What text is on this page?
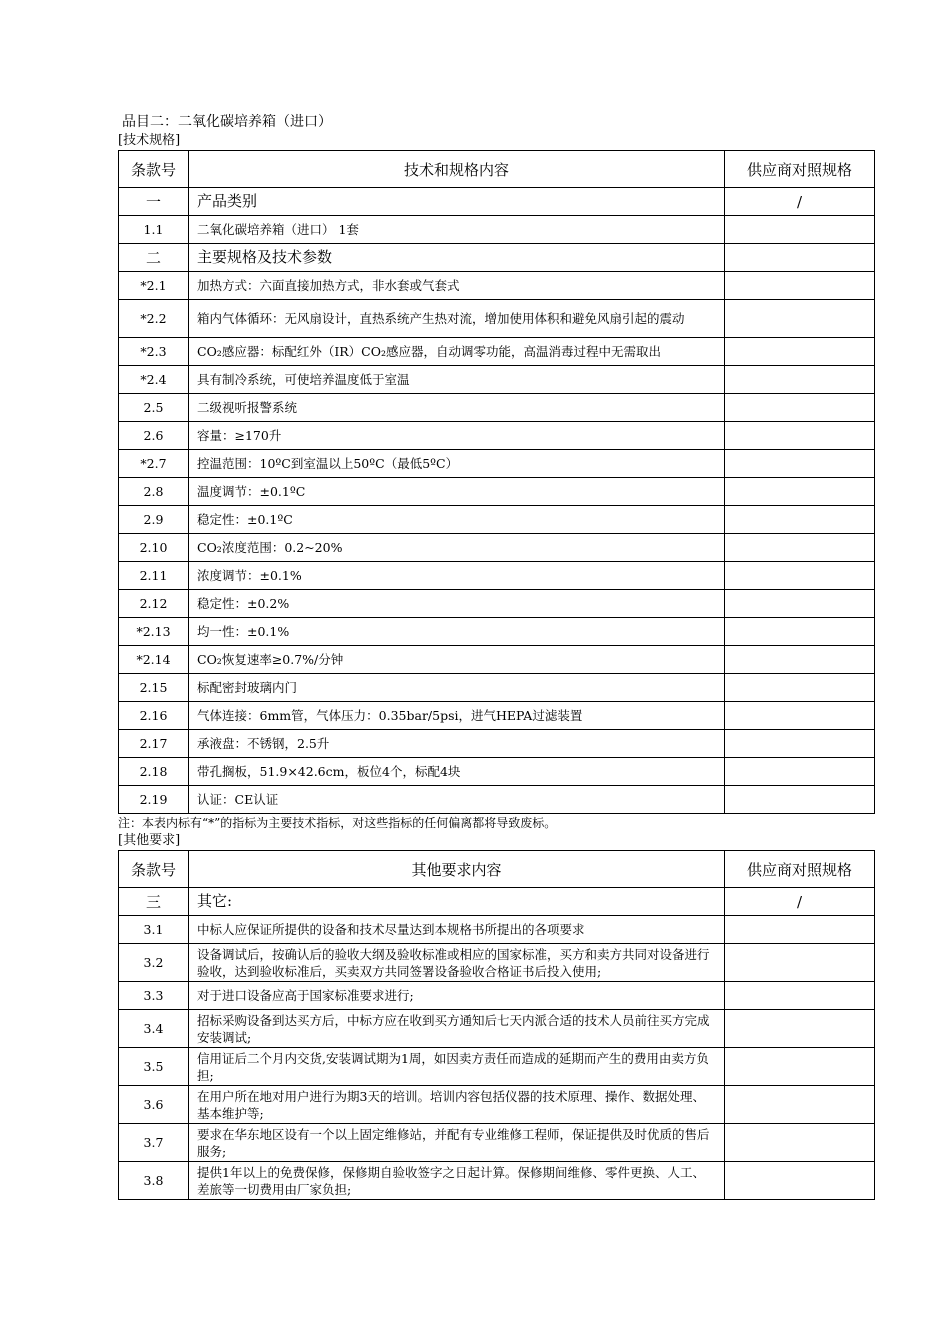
品目二：二氧化碳培养箱（进口）
[技术规格]
条款号	技术和规格内容	供应商对照规格
一	产品类别	/
1.1	二氧化碳培养箱（进口） 1套	
二	主要规格及技术参数	
*2.1	加热方式：六面直接加热方式，非水套或气套式	
*2.2	箱内气体循环：无风扇设计，直热系统产生热对流，增加使用体积和避免风扇引起的震动	
*2.3	CO₂感应器：标配红外（IR）CO₂感应器，自动调零功能，高温消毒过程中无需取出	
*2.4	具有制冷系统，可使培养温度低于室温	
2.5	二级视听报警系统	
2.6	容量：≥170升	
*2.7	控温范围：10ºC到室温以上50ºC（最低5ºC）	
2.8	温度调节：±0.1ºC	
2.9	稳定性：±0.1ºC	
2.10	CO₂浓度范围：0.2~20%	
2.11	浓度调节：±0.1%	
2.12	稳定性：±0.2%	
*2.13	均一性：±0.1%	
*2.14	CO₂恢复速率≥0.7%/分钟	
2.15	标配密封玻璃内门	
2.16	气体连接：6mm管，气体压力：0.35bar/5psi，进气HEPA过滤装置	
2.17	承液盘：不锈钢，2.5升	
2.18	带孔搁板，51.9×42.6cm，板位4个，标配4块	
2.19	认证：CE认证	
注：本表内标有“*”的指标为主要技术指标，对这些指标的任何偏离都将导致废标。
[其他要求]
条款号	其他要求内容	供应商对照规格
三	其它:	/
3.1	中标人应保证所提供的设备和技术尽量达到本规格书所提出的各项要求	
3.2	设备调试后，按确认后的验收大纲及验收标准或相应的国家标准，买方和卖方共同对设备进行验收，达到验收标准后，买卖双方共同签署设备验收合格证书后投入使用;	
3.3	对于进口设备应高于国家标准要求进行;	
3.4	招标采购设备到达买方后，中标方应在收到买方通知后七天内派合适的技术人员前往买方完成安装调试;	
3.5	信用证后二个月内交货,安装调试期为1周，如因卖方责任而造成的延期而产生的费用由卖方负担;	
3.6	在用户所在地对用户进行为期3天的培训。培训内容包括仪器的技术原理、操作、数据处理、基本维护等;	
3.7	要求在华东地区设有一个以上固定维修站，并配有专业维修工程师，保证提供及时优质的售后服务;	
3.8	提供1年以上的免费保修，保修期自验收签字之日起计算。保修期间维修、零件更换、人工、差旅等一切费用由厂家负担;	
